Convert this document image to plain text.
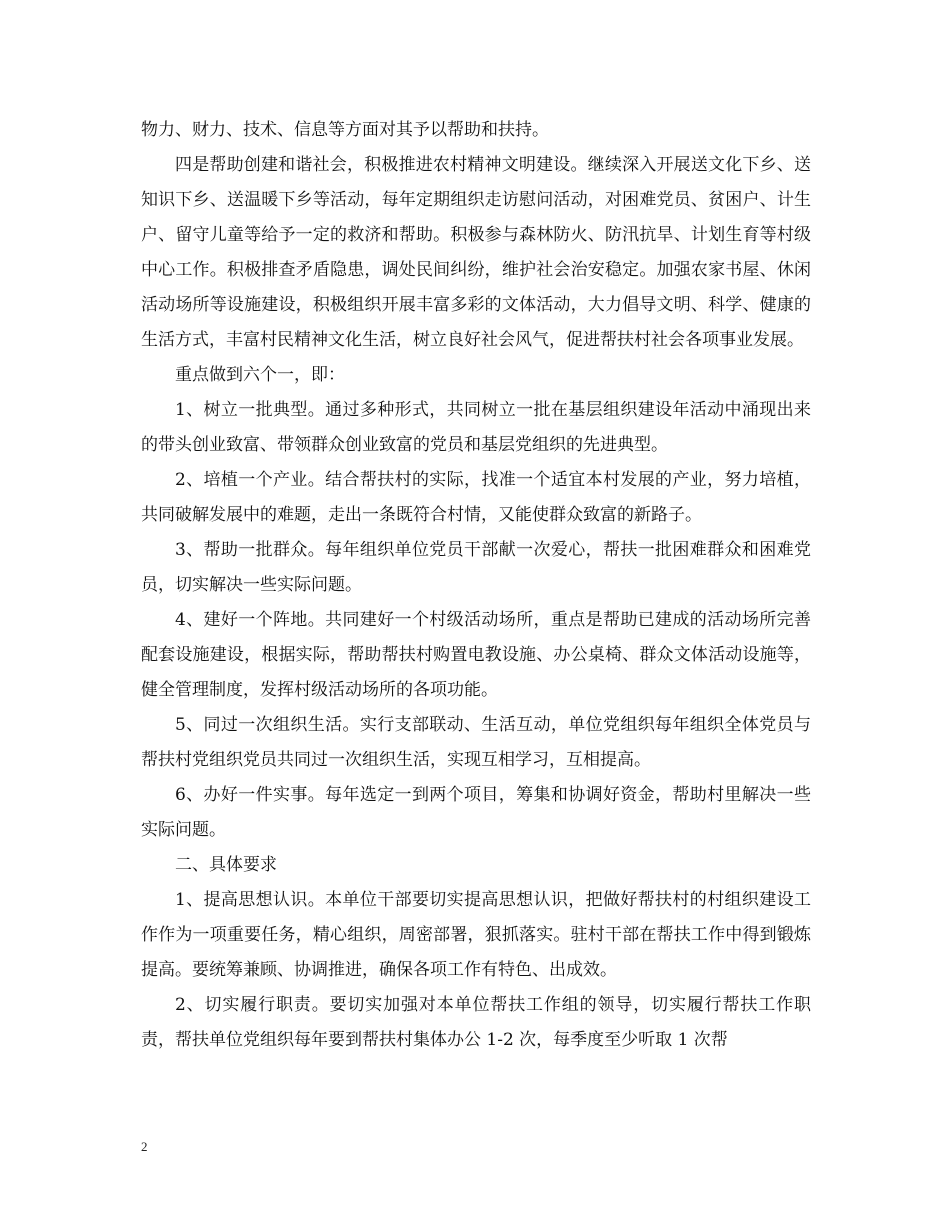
物力、财力、技术、信息等方面对其予以帮助和扶持。

四是帮助创建和谐社会，积极推进农村精神文明建设。继续深入开展送文化下乡、送知识下乡、送温暖下乡等活动，每年定期组织走访慰问活动，对困难党员、贫困户、计生户、留守儿童等给予一定的救济和帮助。积极参与森林防火、防汛抗旱、计划生育等村级中心工作。积极排查矛盾隐患，调处民间纠纷，维护社会治安稳定。加强农家书屋、休闲活动场所等设施建设，积极组织开展丰富多彩的文体活动，大力倡导文明、科学、健康的生活方式，丰富村民精神文化生活，树立良好社会风气，促进帮扶村社会各项事业发展。

重点做到六个一，即：

1、树立一批典型。通过多种形式，共同树立一批在基层组织建设年活动中涌现出来的带头创业致富、带领群众创业致富的党员和基层党组织的先进典型。

2、培植一个产业。结合帮扶村的实际，找准一个适宜本村发展的产业，努力培植，共同破解发展中的难题，走出一条既符合村情，又能使群众致富的新路子。

3、帮助一批群众。每年组织单位党员干部献一次爱心，帮扶一批困难群众和困难党员，切实解决一些实际问题。

4、建好一个阵地。共同建好一个村级活动场所，重点是帮助已建成的活动场所完善配套设施建设，根据实际，帮助帮扶村购置电教设施、办公桌椅、群众文体活动设施等，健全管理制度，发挥村级活动场所的各项功能。

5、同过一次组织生活。实行支部联动、生活互动，单位党组织每年组织全体党员与帮扶村党组织党员共同过一次组织生活，实现互相学习，互相提高。

6、办好一件实事。每年选定一到两个项目，筹集和协调好资金，帮助村里解决一些实际问题。

二、具体要求

1、提高思想认识。本单位干部要切实提高思想认识，把做好帮扶村的村组织建设工作作为一项重要任务，精心组织，周密部署，狠抓落实。驻村干部在帮扶工作中得到锻炼提高。要统筹兼顾、协调推进，确保各项工作有特色、出成效。

2、切实履行职责。要切实加强对本单位帮扶工作组的领导，切实履行帮扶工作职责，帮扶单位党组织每年要到帮扶村集体办公 1-2 次，每季度至少听取 1 次帮

2
